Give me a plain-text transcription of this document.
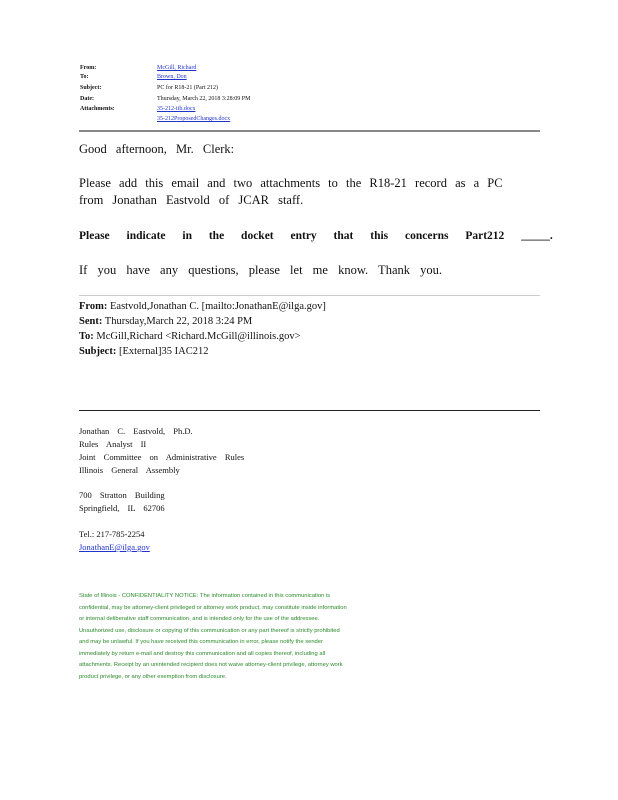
From:	McGill, Richard
To:	Brown, Don
Subject:	PC for R18-21 (Part 212)
Date:	Thursday, March 22, 2018 3:28:09 PM
Attachments:	35-212-tib.docx
35-212ProposedChanges.docx
Good afternoon, Mr. Clerk:
Please add this email and two attachments to the R18-21 record as a PC
from Jonathan Eastvold of JCAR staff.
Please indicate in the docket entry that this concerns Part212 _____.
If you have any questions, please let me know. Thank you.
From: Eastvold,Jonathan C. [mailto:JonathanE@ilga.gov]
Sent: Thursday,March 22, 2018 3:24 PM
To: McGill,Richard <Richard.McGill@illinois.gov>
Subject: [External]35 IAC212
Jonathan C. Eastvold, Ph.D.
Rules Analyst II
Joint Committee on Administrative Rules
Illinois General Assembly
700 Stratton Building
Springfield, IL 62706
Tel.: 217-785-2254
JonathanE@ilga.gov
State of Illinois - CONFIDENTIALITY NOTICE: The information contained in this communication is
confidential, may be attorney-client privileged or attorney work product, may constitute inside information
or internal deliberative staff communication, and is intended only for the use of the addressee.
Unauthorized use, disclosure or copying of this communication or any part thereof is strictly prohibited
and may be unlawful. If you have received this communication in error, please notify the sender
immediately by return e-mail and destroy this communication and all copies thereof, including all
attachments. Receipt by an unintended recipient does not waive attorney-client privilege, attorney work
product privilege, or any other exemption from disclosure.
